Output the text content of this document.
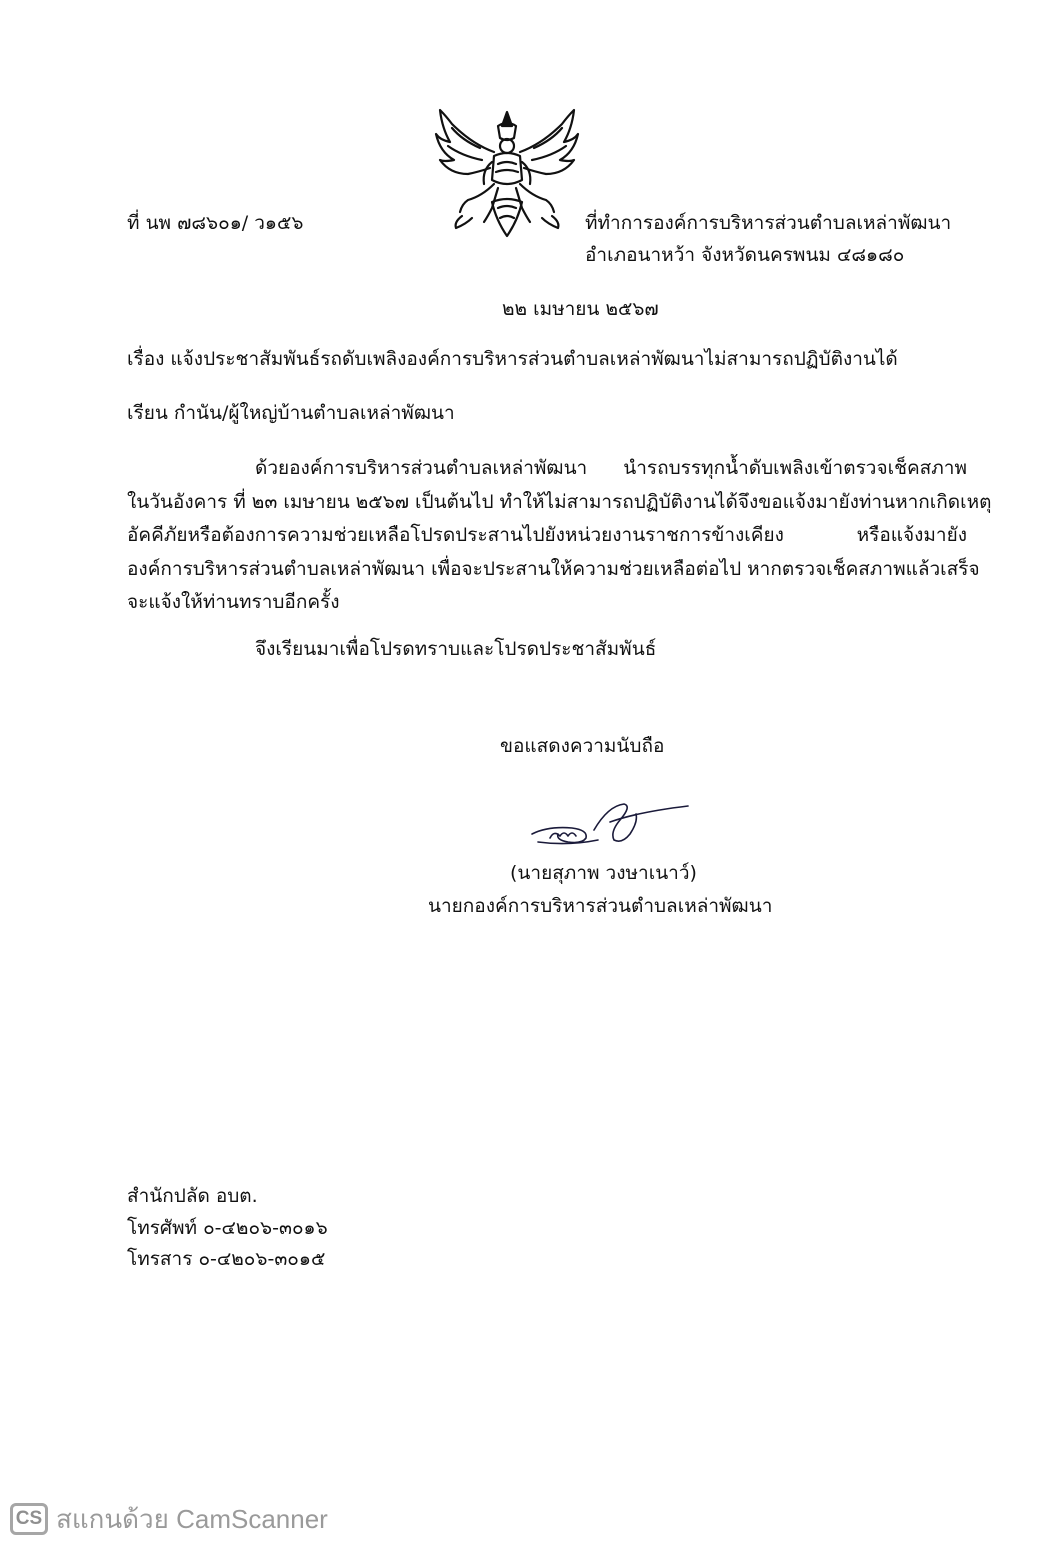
ที่ นพ ๗๘๖๐๑/ ว๑๕๖	ที่ทำการองค์การบริหารส่วนตำบลเหล่าพัฒนา
อำเภอนาหว้า จังหวัดนครพนม ๔๘๑๘๐
๒๒ เมษายน ๒๕๖๗
เรื่อง แจ้งประชาสัมพันธ์รถดับเพลิงองค์การบริหารส่วนตำบลเหล่าพัฒนาไม่สามารถปฏิบัติงานได้
เรียน กำนัน/ผู้ใหญ่บ้านตำบลเหล่าพัฒนา
ด้วยองค์การบริหารส่วนตำบลเหล่าพัฒนา นำรถบรรทุกน้ำดับเพลิงเข้าตรวจเช็คสภาพ
ในวันอังคาร ที่ ๒๓ เมษายน ๒๕๖๗ เป็นต้นไป ทำให้ไม่สามารถปฏิบัติงานได้จึงขอแจ้งมายังท่านหากเกิดเหตุ
อัคคีภัยหรือต้องการความช่วยเหลือโปรดประสานไปยังหน่วยงานราชการข้างเคียง หรือแจ้งมายัง
องค์การบริหารส่วนตำบลเหล่าพัฒนา เพื่อจะประสานให้ความช่วยเหลือต่อไป หากตรวจเช็คสภาพแล้วเสร็จ
จะแจ้งให้ท่านทราบอีกครั้ง
จึงเรียนมาเพื่อโปรดทราบและโปรดประชาสัมพันธ์
ขอแสดงความนับถือ
(นายสุภาพ วงษาเนาว์)
นายกองค์การบริหารส่วนตำบลเหล่าพัฒนา
สำนักปลัด อบต.
โทรศัพท์ ๐-๔๒๐๖-๓๐๑๖
โทรสาร ๐-๔๒๐๖-๓๐๑๕
CS สแกนด้วย CamScanner
